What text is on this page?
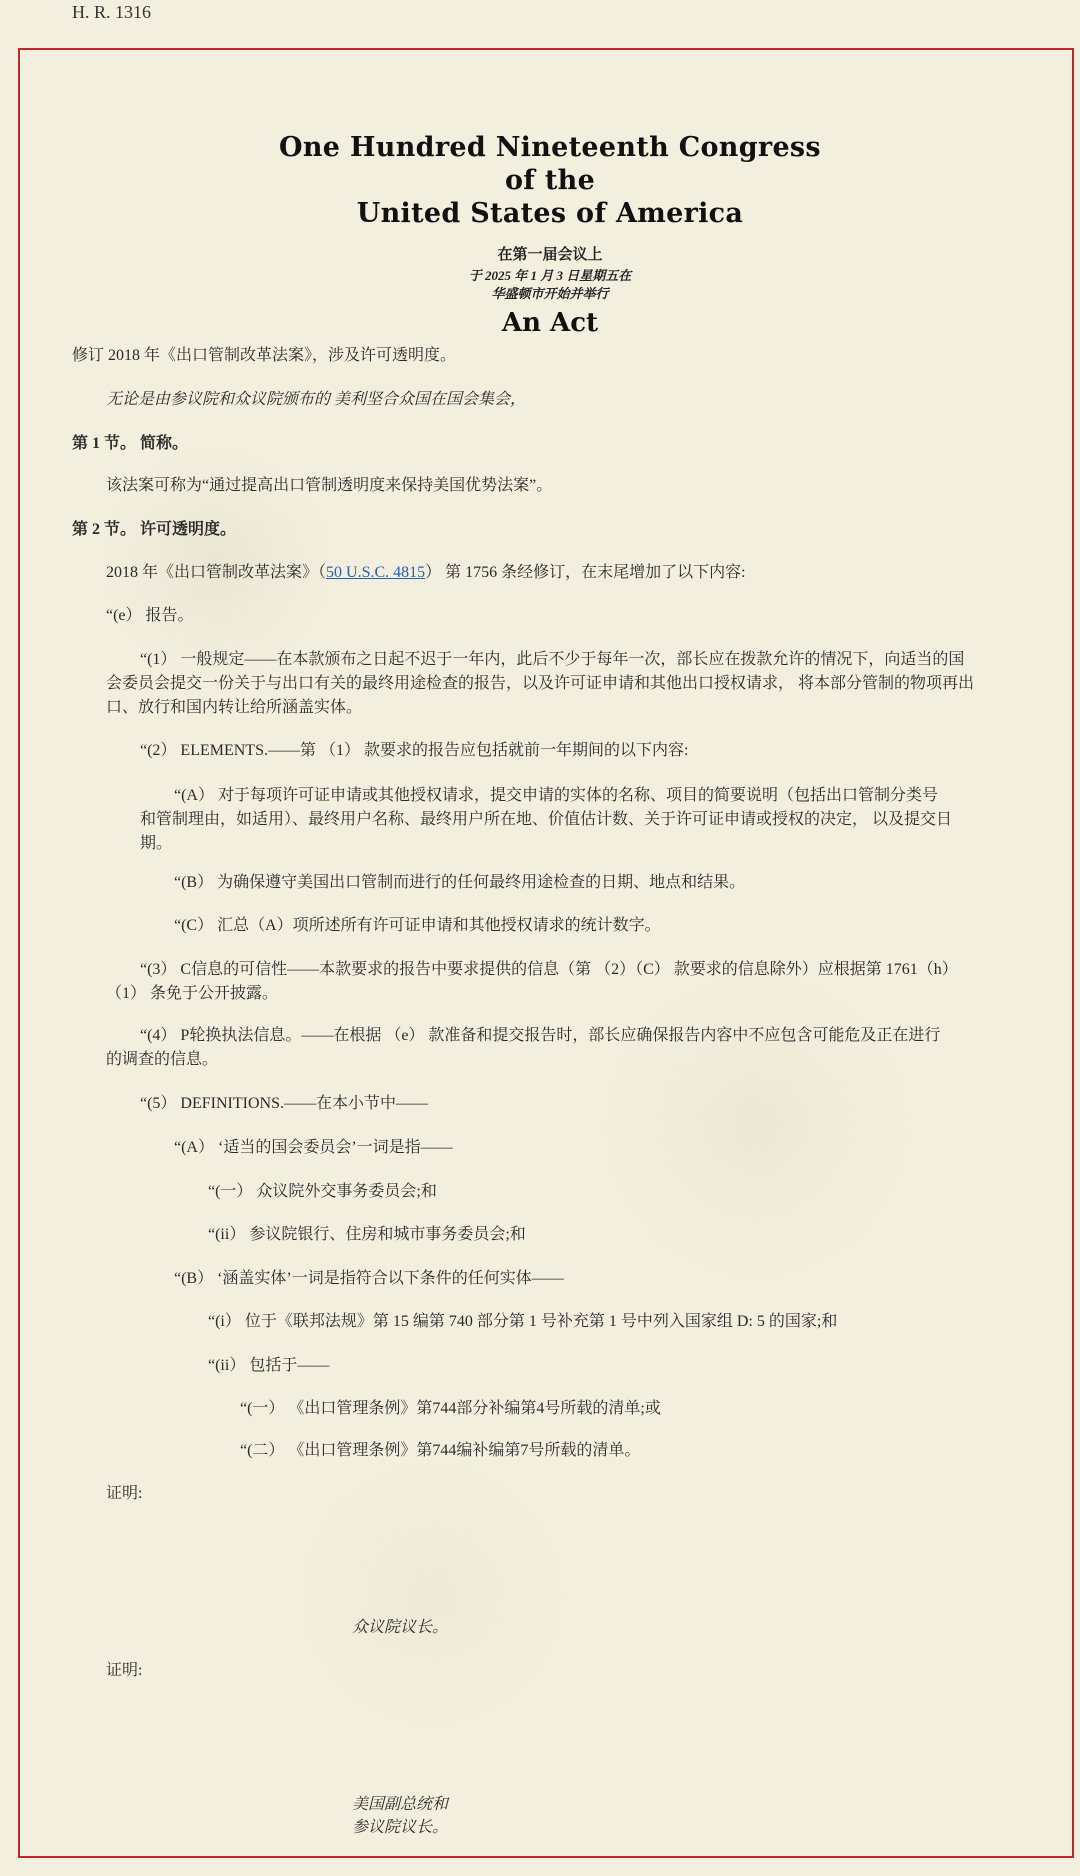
H. R. 1316
One Hundred Nineteenth Congress
of the
United States of America
在第一届会议上
于 2025 年 1 月 3 日星期五在
华盛顿市开始并举行
An Act
修订 2018 年《出口管制改革法案》，涉及许可透明度。
无论是由参议院和众议院颁布的 美利坚合众国在国会集会，
第 1 节。 简称。
该法案可称为“通过提高出口管制透明度来保持美国优势法案”。
第 2 节。 许可透明度。
2018 年《出口管制改革法案》（50 U.S.C. 4815） 第 1756 条经修订，在末尾增加了以下内容:
“(e） 报告。
“(1） 一般规定——在本款颁布之日起不迟于一年内，此后不少于每年一次，部长应在拨款允许的情况下，向适当的国
会委员会提交一份关于与出口有关的最终用途检查的报告，以及许可证申请和其他出口授权请求， 将本部分管制的物项再出
口、放行和国内转让给所涵盖实体。
“(2） ELEMENTS.——第 （1） 款要求的报告应包括就前一年期间的以下内容:
“(A） 对于每项许可证申请或其他授权请求，提交申请的实体的名称、项目的简要说明（包括出口管制分类号
和管制理由，如适用）、最终用户名称、最终用户所在地、价值估计数、关于许可证申请或授权的决定， 以及提交日
期。
“(B） 为确保遵守美国出口管制而进行的任何最终用途检查的日期、地点和结果。
“(C） 汇总（A）项所述所有许可证申请和其他授权请求的统计数字。
“(3） C信息的可信性——本款要求的报告中要求提供的信息（第 （2）（C） 款要求的信息除外）应根据第 1761（h）
（1） 条免于公开披露。
“(4） P轮换执法信息。——在根据 （e） 款准备和提交报告时，部长应确保报告内容中不应包含可能危及正在进行
的调查的信息。
“(5） DEFINITIONS.——在本小节中——
“(A） ‘适当的国会委员会’一词是指——
“(一） 众议院外交事务委员会;和
“(ii） 参议院银行、住房和城市事务委员会;和
“(B） ‘涵盖实体’一词是指符合以下条件的任何实体——
“(i） 位于《联邦法规》第 15 编第 740 部分第 1 号补充第 1 号中列入国家组 D: 5 的国家;和
“(ii） 包括于——
“(一） 《出口管理条例》第744部分补编第4号所载的清单;或
“(二） 《出口管理条例》第744编补编第7号所载的清单。
证明:
众议院议长。
证明:
美国副总统和
参议院议长。
